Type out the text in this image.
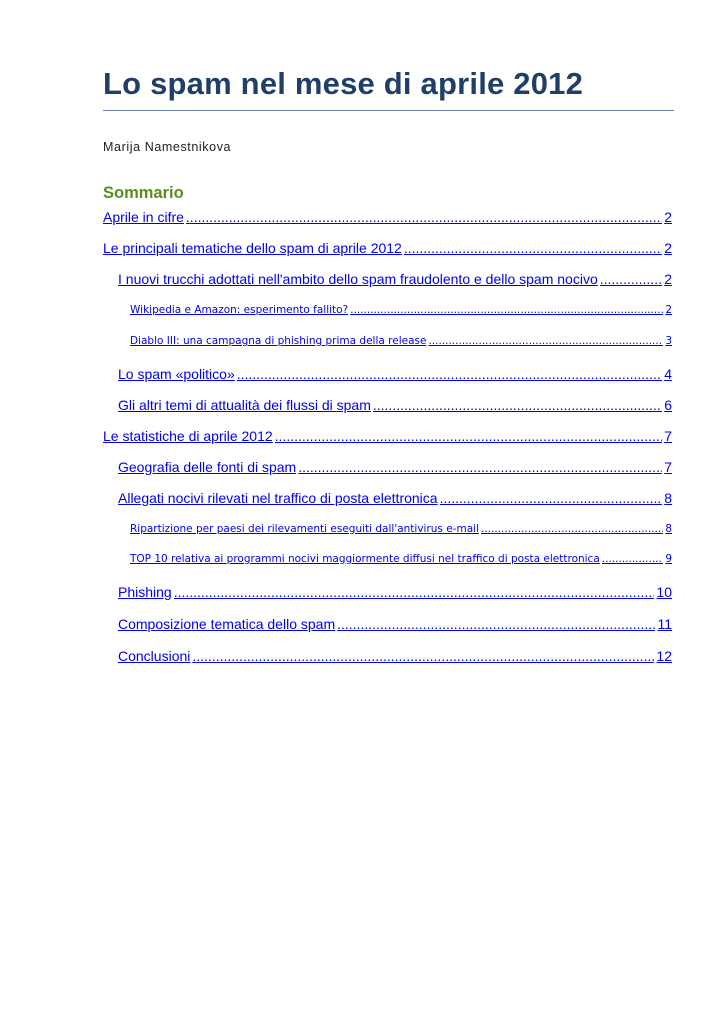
Lo spam nel mese di aprile 2012
Marija Namestnikova
Sommario
Aprile in cifre .....	2
Le principali tematiche dello spam di aprile 2012 .....	2
I nuovi trucchi adottati nell'ambito dello spam fraudolento e dello spam nocivo .....	2
Wikipedia e Amazon: esperimento fallito? .....	2
Diablo III: una campagna di phishing prima della release .....	3
Lo spam «politico» .....	4
Gli altri temi di attualità dei flussi di spam .....	6
Le statistiche di aprile 2012 .....	7
Geografia delle fonti di spam .....	7
Allegati nocivi rilevati nel traffico di posta elettronica .....	8
Ripartizione per paesi dei rilevamenti eseguiti dall'antivirus e-mail .....	8
TOP 10 relativa ai programmi nocivi maggiormente diffusi nel traffico di posta elettronica .....	9
Phishing .....	10
Composizione tematica dello spam .....	11
Conclusioni .....	12
